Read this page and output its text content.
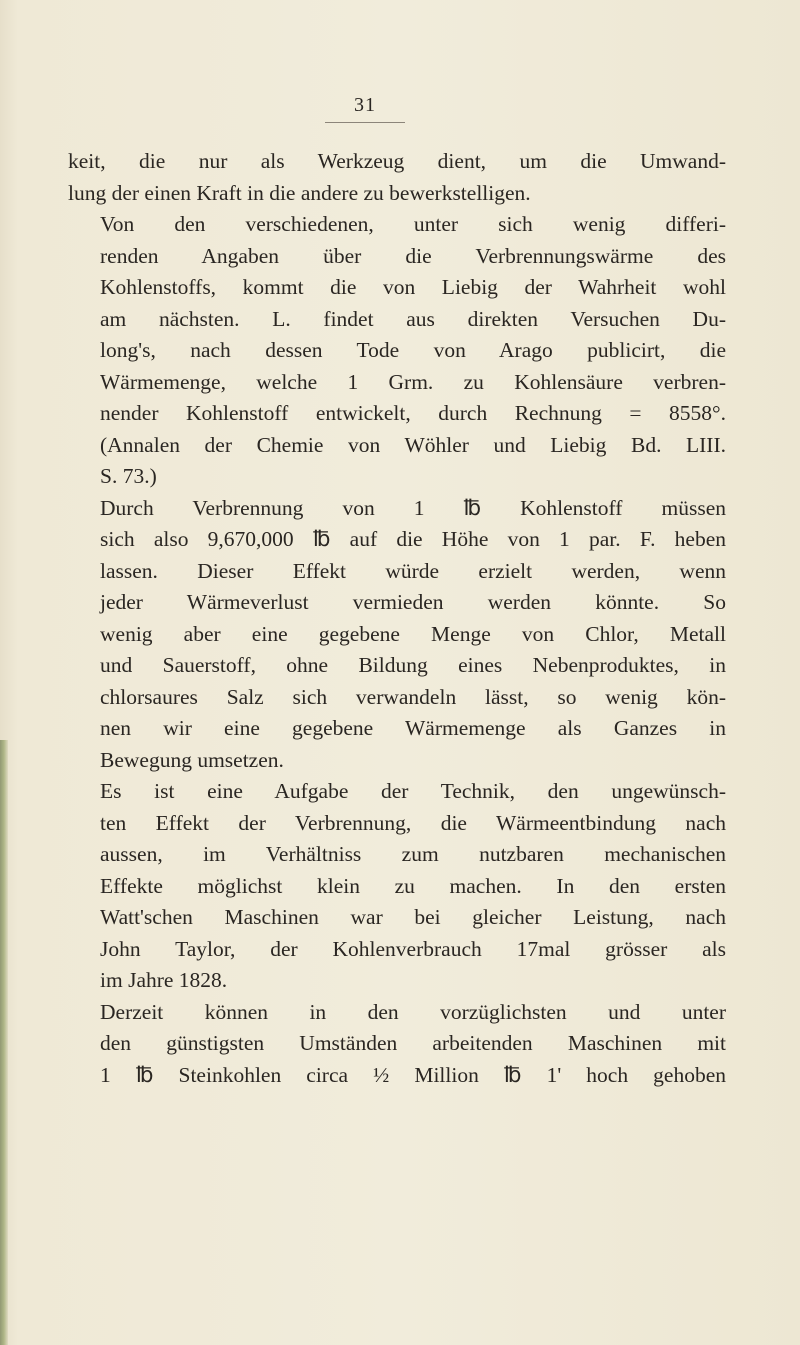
31

keit, die nur als Werkzeug dient, um die Umwand-
lung der einen Kraft in die andere zu bewerkstelligen.

Von den verschiedenen, unter sich wenig differi-
renden Angaben über die Verbrennungswärme des
Kohlenstoffs, kommt die von Liebig der Wahrheit wohl
am nächsten. L. findet aus direkten Versuchen Du-
long's, nach dessen Tode von Arago publicirt, die
Wärmemenge, welche 1 Grm. zu Kohlensäure verbren-
nender Kohlenstoff entwickelt, durch Rechnung = 8558°.
(Annalen der Chemie von Wöhler und Liebig Bd. LIII.
S. 73.)

Durch Verbrennung von 1 ℔ Kohlenstoff müssen
sich also 9,670,000 ℔ auf die Höhe von 1 par. F. heben
lassen. Dieser Effekt würde erzielt werden, wenn
jeder Wärmeverlust vermieden werden könnte. So
wenig aber eine gegebene Menge von Chlor, Metall
und Sauerstoff, ohne Bildung eines Nebenproduktes, in
chlorsaures Salz sich verwandeln lässt, so wenig kön-
nen wir eine gegebene Wärmemenge als Ganzes in
Bewegung umsetzen.

Es ist eine Aufgabe der Technik, den ungewünsch-
ten Effekt der Verbrennung, die Wärmeentbindung nach
aussen, im Verhältniss zum nutzbaren mechanischen
Effekte möglichst klein zu machen. In den ersten
Watt'schen Maschinen war bei gleicher Leistung, nach
John Taylor, der Kohlenverbrauch 17mal grösser als
im Jahre 1828.

Derzeit können in den vorzüglichsten und unter
den günstigsten Umständen arbeitenden Maschinen mit
1 ℔ Steinkohlen circa ½ Million ℔ 1' hoch gehoben
